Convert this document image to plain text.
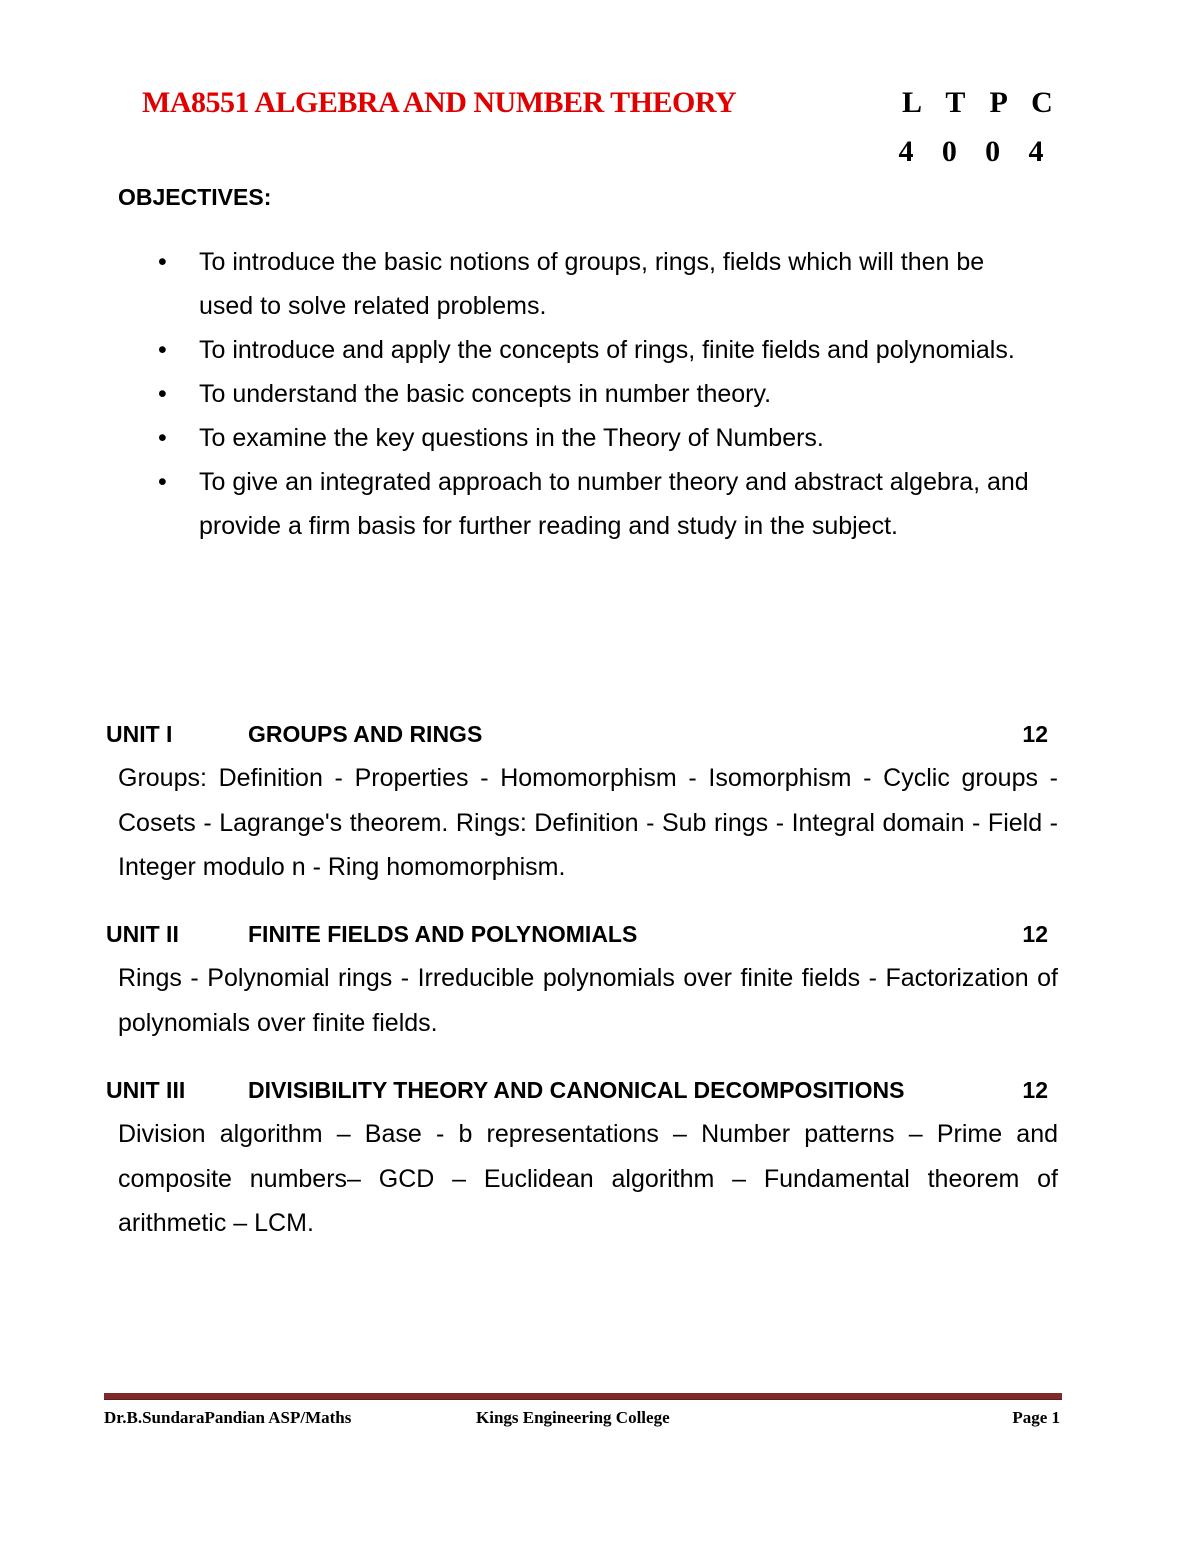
MA8551 ALGEBRA AND NUMBER THEORY	L T P C
4 0 0 4
OBJECTIVES:
•	To introduce the basic notions of groups, rings, fields which will then be used to solve related problems.
•	To introduce and apply the concepts of rings, finite fields and polynomials.
•	To understand the basic concepts in number theory.
•	To examine the key questions in the Theory of Numbers.
•	To give an integrated approach to number theory and abstract algebra, and provide a firm basis for further reading and study in the subject.
UNIT I	GROUPS AND RINGS	12
Groups: Definition - Properties - Homomorphism - Isomorphism - Cyclic groups - Cosets - Lagrange's theorem. Rings: Definition - Sub rings - Integral domain - Field - Integer modulo n - Ring homomorphism.
UNIT II	FINITE FIELDS AND POLYNOMIALS	12
Rings - Polynomial rings - Irreducible polynomials over finite fields - Factorization of polynomials over finite fields.
UNIT III	DIVISIBILITY THEORY AND CANONICAL DECOMPOSITIONS	12
Division algorithm – Base - b representations – Number patterns – Prime and composite numbers– GCD – Euclidean algorithm – Fundamental theorem of arithmetic – LCM.
Dr.B.SundaraPandian ASP/Maths	Kings Engineering College	Page 1
